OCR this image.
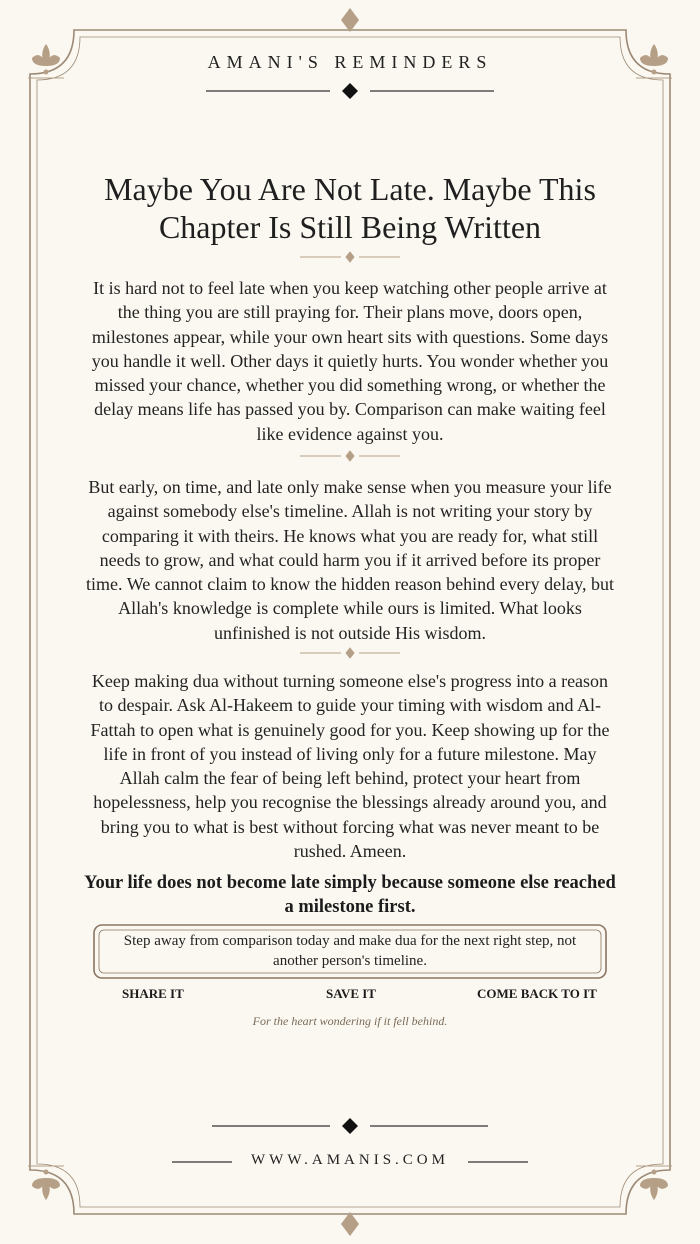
AMANI'S REMINDERS
Maybe You Are Not Late. Maybe This
Chapter Is Still Being Written

It is hard not to feel late when you keep watching other people arrive at the thing you are still praying for. Their plans move, doors open, milestones appear, while your own heart sits with questions. Some days you handle it well. Other days it quietly hurts. You wonder whether you missed your chance, whether you did something wrong, or whether the delay means life has passed you by. Comparison can make waiting feel like evidence against you.

But early, on time, and late only make sense when you measure your life against somebody else's timeline. Allah is not writing your story by comparing it with theirs. He knows what you are ready for, what still needs to grow, and what could harm you if it arrived before its proper time. We cannot claim to know the hidden reason behind every delay, but Allah's knowledge is complete while ours is limited. What looks unfinished is not outside His wisdom.

Keep making dua without turning someone else's progress into a reason to despair. Ask Al-Hakeem to guide your timing with wisdom and Al-Fattah to open what is genuinely good for you. Keep showing up for the life in front of you instead of living only for a future milestone. May Allah calm the fear of being left behind, protect your heart from hopelessness, help you recognise the blessings already around you, and bring you to what is best without forcing what was never meant to be rushed. Ameen.

Your life does not become late simply because someone else reached a milestone first.

Step away from comparison today and make dua for the next right step, not another person's timeline.
SHARE IT	SAVE IT	COME BACK TO IT
For the heart wondering if it fell behind.
WWW.AMANIS.COM
